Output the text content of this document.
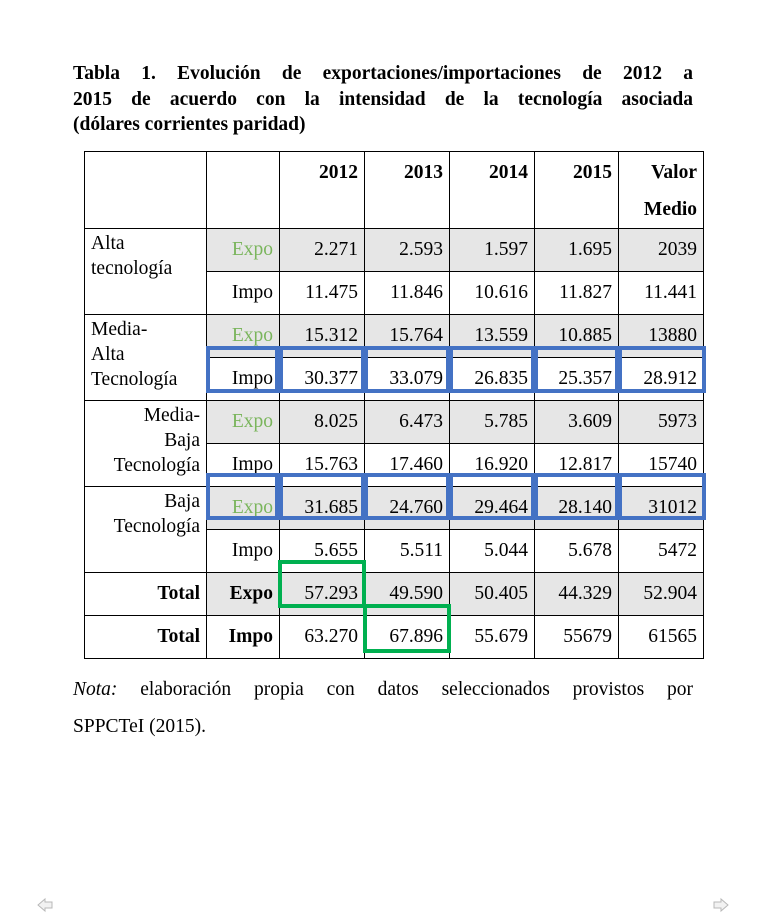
Tabla 1. Evolución de exportaciones/importaciones de 2012 a
2015 de acuerdo con la intensidad de la tecnología asociada
(dólares corrientes paridad)
		2012	2013	2014	2015	Valor
Medio
Alta
tecnología	Expo	2.271	2.593	1.597	1.695	2039
	Impo	11.475	11.846	10.616	11.827	11.441
Media-
Alta
Tecnología	Expo	15.312	15.764	13.559	10.885	13880
	Impo	30.377	33.079	26.835	25.357	28.912
Media-
Baja
Tecnología	Expo	8.025	6.473	5.785	3.609	5973
	Impo	15.763	17.460	16.920	12.817	15740
Baja
Tecnología	Expo	31.685	24.760	29.464	28.140	31012
	Impo	5.655	5.511	5.044	5.678	5472
Total	Expo	57.293	49.590	50.405	44.329	52.904
Total	Impo	63.270	67.896	55.679	55679	61565
Nota: elaboración propia con datos seleccionados provistos por
SPPCTeI (2015).
